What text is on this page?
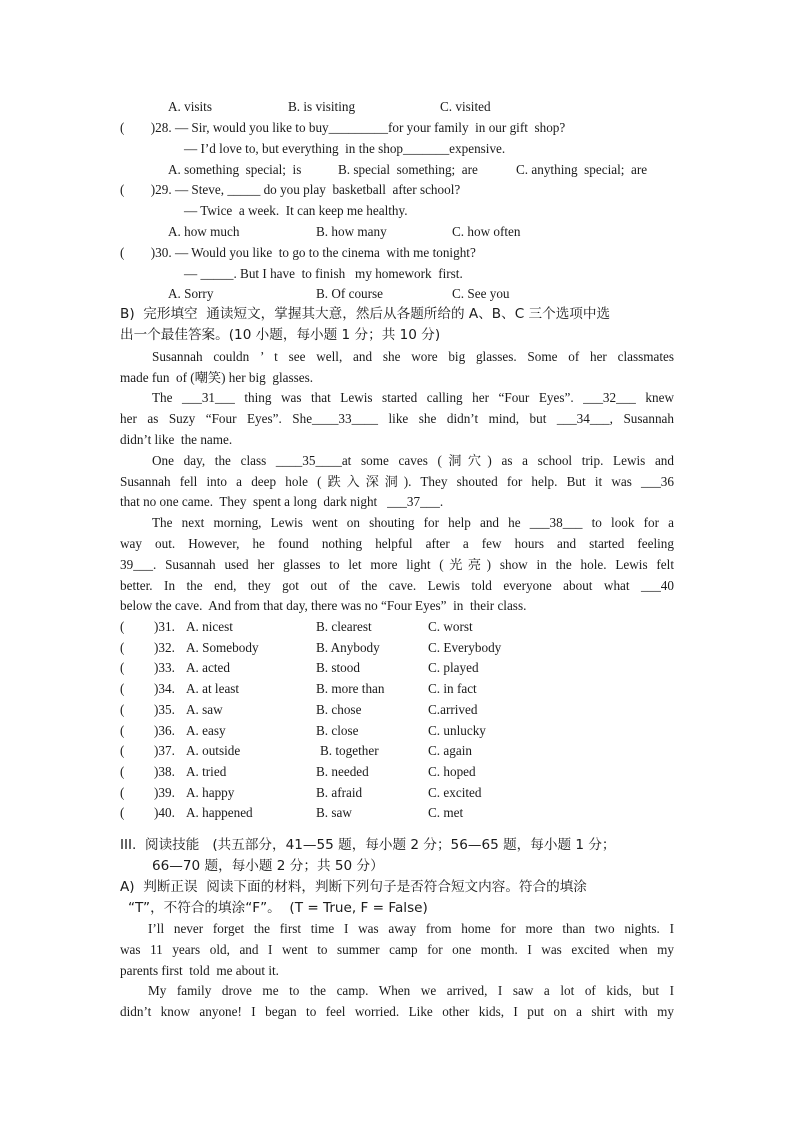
A. visits	B. is visiting	C. visited
(        )28. — Sir, would you like to buy_________for your family  in our gift  shop?
— I’d love to, but everything  in the shop_______expensive.
A. something  special;  is	B. special  something;  are	C. anything  special;  are
(        )29. — Steve, _____ do you play  basketball  after school?
— Twice  a week.  It can keep me healthy.
A. how much	B. how many	C. how often
(        )30. — Would you like  to go to the cinema  with me tonight?
— _____. But I have  to finish   my homework  first.
A. Sorry	B. Of course	C. See you
B)  完形填空  通读短文，掌握其大意，然后从各题所给的 A、B、C 三个选项中选
出一个最佳答案。(10 小题，每小题 1 分；共 10 分)
Susannah couldn ’ t see well, and she wore big glasses. Some of her classmates
made fun  of (嘲笑) her big  glasses.
The ___31___ thing was that Lewis started calling her “Four Eyes”. ___32___ knew
her as Suzy “Four Eyes”. She____33____ like she didn’t mind, but ___34___, Susannah
didn’t like  the name.
One day, the class ____35____at some caves (洞穴) as a school trip. Lewis and
Susannah fell into a deep hole (跌入深洞). They shouted for help. But it was ___36
that no one came.  They  spent a long  dark night   ___37___.
The next morning, Lewis went on shouting for help and he ___38___ to look for a
way out. However, he found nothing helpful after a few hours and started feeling
39___. Susannah used her glasses to let more light (光亮) show in the hole. Lewis felt
better. In the end, they got out of the cave. Lewis told everyone about what ___40
below the cave.  And from that day, there was no “Four Eyes”  in  their class.
( )31. A. nicest	B. clearest	C. worst
( )32. A. Somebody	B. Anybody	C. Everybody
( )33. A. acted	B. stood	C. played
( )34. A. at least	B. more than	C. in fact
( )35. A. saw	B. chose	C.arrived
( )36. A. easy	B. close	C. unlucky
( )37. A. outside	B. together	C. again
( )38. A. tried	B. needed	C. hoped
( )39. A. happy	B. afraid	C. excited
( )40. A. happened	B. saw	C. met
III.  阅读技能   (共五部分，41—55 题，每小题 2 分；56—65 题，每小题 1 分；
66—70 题，每小题 2 分；共 50 分）
A)  判断正误  阅读下面的材料，判断下列句子是否符合短文内容。符合的填涂
“T”，不符合的填涂“F”。  (T = True, F = False)
I’ll never forget the first time I was away from home for more than two nights. I
was 11 years old, and I went to summer camp for one month. I was excited when my
parents first  told  me about it.
My family drove me to the camp. When we arrived, I saw a lot of kids, but I
didn’t know anyone! I began to feel worried. Like other kids, I put on a shirt with my
